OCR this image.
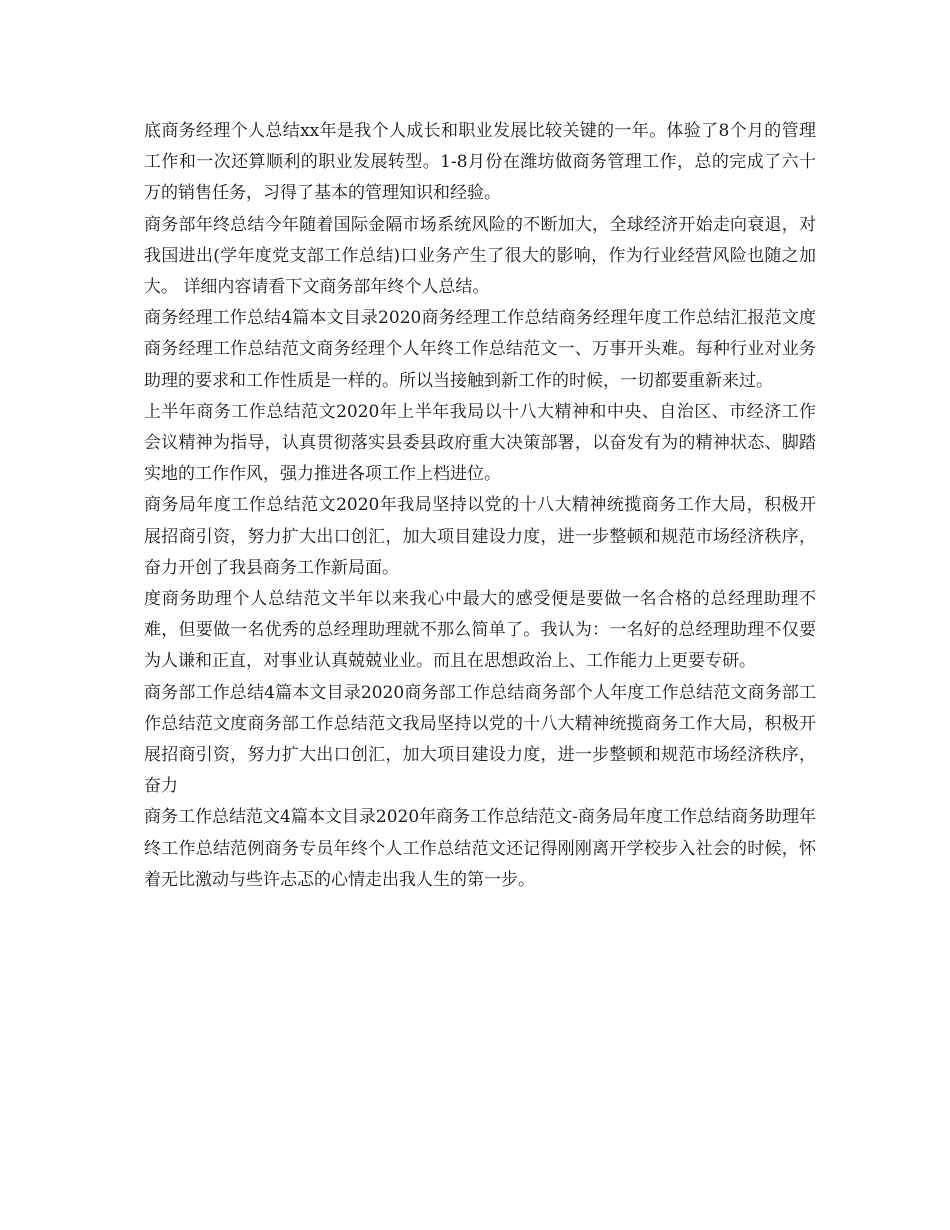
底商务经理个人总结xx年是我个人成长和职业发展比较关键的一年。体验了8个月的管理工作和一次还算顺利的职业发展转型。1-8月份在潍坊做商务管理工作，总的完成了六十万的销售任务，习得了基本的管理知识和经验。

商务部年终总结今年随着国际金隔市场系统风险的不断加大，全球经济开始走向衰退，对我国进出(学年度党支部工作总结)口业务产生了很大的影响，作为行业经营风险也随之加大。 详细内容请看下文商务部年终个人总结。

商务经理工作总结4篇本文目录2020商务经理工作总结商务经理年度工作总结汇报范文度商务经理工作总结范文商务经理个人年终工作总结范文一、万事开头难。每种行业对业务助理的要求和工作性质是一样的。所以当接触到新工作的时候，一切都要重新来过。

上半年商务工作总结范文2020年上半年我局以十八大精神和中央、自治区、市经济工作会议精神为指导，认真贯彻落实县委县政府重大决策部署，以奋发有为的精神状态、脚踏实地的工作作风，强力推进各项工作上档进位。

商务局年度工作总结范文2020年我局坚持以党的十八大精神统揽商务工作大局，积极开展招商引资，努力扩大出口创汇，加大项目建设力度，进一步整顿和规范市场经济秩序，奋力开创了我县商务工作新局面。

度商务助理个人总结范文半年以来我心中最大的感受便是要做一名合格的总经理助理不难，但要做一名优秀的总经理助理就不那么简单了。我认为：一名好的总经理助理不仅要为人谦和正直，对事业认真兢兢业业。而且在思想政治上、工作能力上更要专研。

商务部工作总结4篇本文目录2020商务部工作总结商务部个人年度工作总结范文商务部工作总结范文度商务部工作总结范文我局坚持以党的十八大精神统揽商务工作大局，积极开展招商引资，努力扩大出口创汇，加大项目建设力度，进一步整顿和规范市场经济秩序，奋力

商务工作总结范文4篇本文目录2020年商务工作总结范文-商务局年度工作总结商务助理年终工作总结范例商务专员年终个人工作总结范文还记得刚刚离开学校步入社会的时候，怀着无比激动与些许忐忑的心情走出我人生的第一步。
